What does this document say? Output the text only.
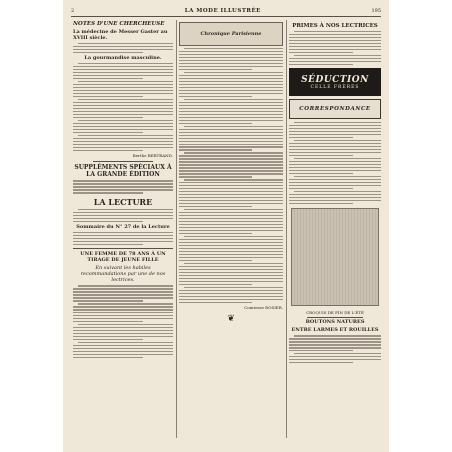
2	LA MODE ILLUSTRÉE	195
NOTES D'UNE CHERCHEUSE
La médecine de Messer Gaster au XVIII siècle.
La gourmandise masculine.
Berthe BERTRAND.
SUPPLÉMENTS SPÉCIAUX À LA GRANDE ÉDITION
LA LECTURE
Sommaire du N° 27 de la Lecture
UNE FEMME DE 78 ANS À UN TIRAGE DE JEUNE FILLE
En suivant les habiles recommandations par une de nos lectrices.
Chronique Parisienne
Comtesse ROSIER.
❦
PRIMES À NOS LECTRICES
SÉDUCTION
CELLE FRÈRES
CORRESPONDANCE
CROQUIS DE FIN DE L'ÉTÉ
BOUTONS NATURES
ENTRE LARMES ET ROUILLES
